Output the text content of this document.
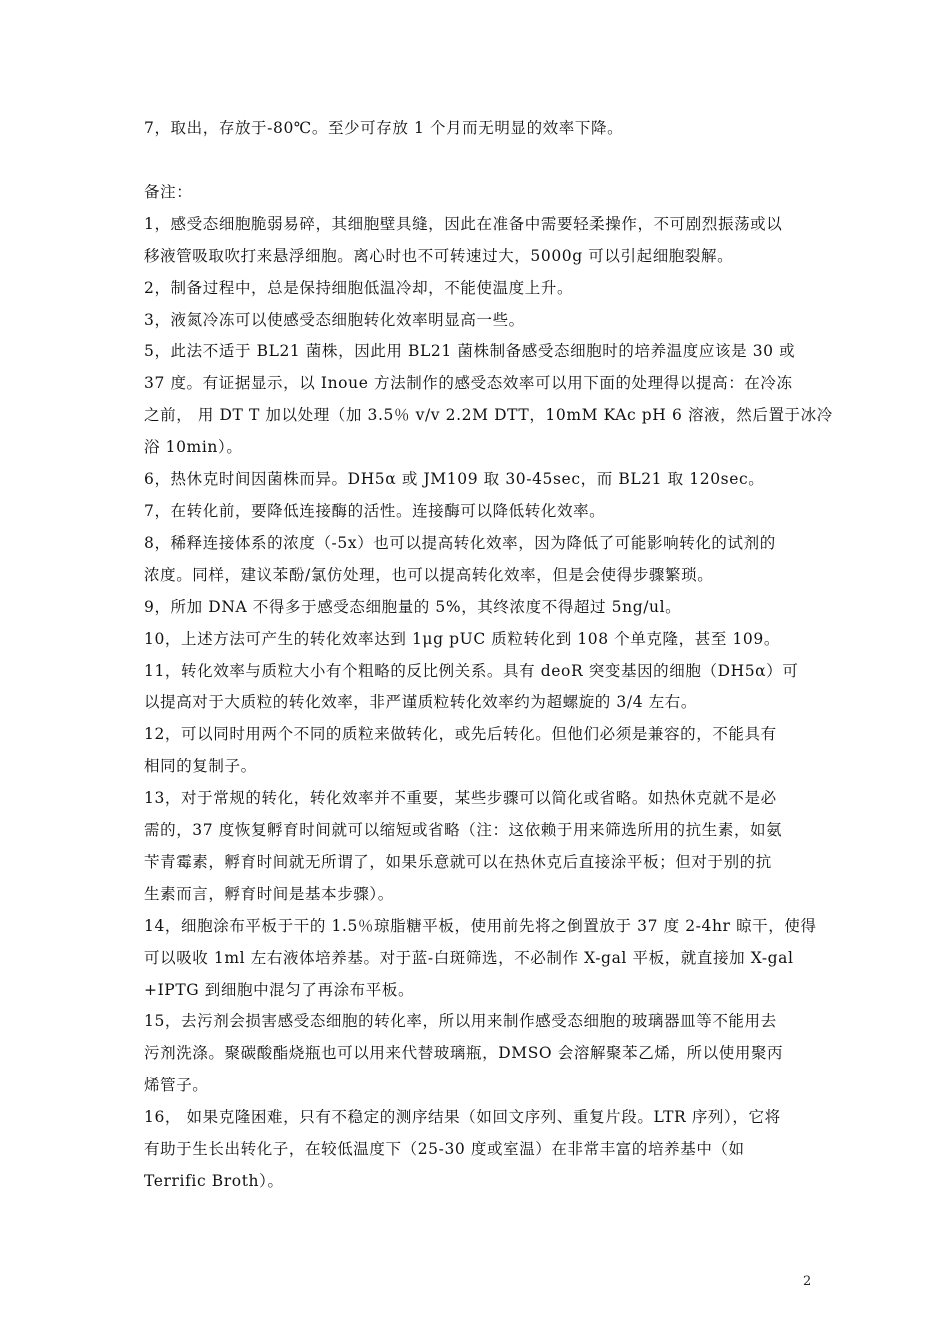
7，取出，存放于-80℃。至少可存放 1 个月而无明显的效率下降。

备注：

1，感受态细胞脆弱易碎，其细胞壁具缝，因此在准备中需要轻柔操作，不可剧烈振荡或以

移液管吸取吹打来悬浮细胞。离心时也不可转速过大，5000g 可以引起细胞裂解。

2，制备过程中，总是保持细胞低温冷却，不能使温度上升。

3，液氮冷冻可以使感受态细胞转化效率明显高一些。

5，此法不适于 BL21 菌株，因此用 BL21 菌株制备感受态细胞时的培养温度应该是 30 或

37 度。有证据显示，以 Inoue 方法制作的感受态效率可以用下面的处理得以提高：在冷冻

之前， 用 DT T 加以处理（加 3.5％ v/v 2.2M DTT，10mM KAc pH 6 溶液，然后置于冰冷

浴 10min）。

6，热休克时间因菌株而异。DH5α 或 JM109 取 30-45sec，而 BL21 取 120sec。

7，在转化前，要降低连接酶的活性。连接酶可以降低转化效率。

8，稀释连接体系的浓度（-5x）也可以提高转化效率，因为降低了可能影响转化的试剂的

浓度。同样，建议苯酚/氯仿处理，也可以提高转化效率，但是会使得步骤繁琐。

9，所加 DNA 不得多于感受态细胞量的 5%，其终浓度不得超过 5ng/ul。

10，上述方法可产生的转化效率达到 1μg pUC 质粒转化到 108 个单克隆，甚至 109。

11，转化效率与质粒大小有个粗略的反比例关系。具有 deoR 突变基因的细胞（DH5α）可

以提高对于大质粒的转化效率，非严谨质粒转化效率约为超螺旋的 3/4 左右。

12，可以同时用两个不同的质粒来做转化，或先后转化。但他们必须是兼容的，不能具有

相同的复制子。

13，对于常规的转化，转化效率并不重要，某些步骤可以简化或省略。如热休克就不是必

需的，37 度恢复孵育时间就可以缩短或省略（注：这依赖于用来筛选所用的抗生素，如氨

苄青霉素，孵育时间就无所谓了，如果乐意就可以在热休克后直接涂平板；但对于别的抗

生素而言，孵育时间是基本步骤）。

14，细胞涂布平板于干的 1.5％琼脂糖平板，使用前先将之倒置放于 37 度 2-4hr 晾干，使得

可以吸收 1ml 左右液体培养基。对于蓝-白斑筛选，不必制作 X-gal 平板，就直接加 X-gal

+IPTG 到细胞中混匀了再涂布平板。

15，去污剂会损害感受态细胞的转化率，所以用来制作感受态细胞的玻璃器皿等不能用去

污剂洗涤。聚碳酸酯烧瓶也可以用来代替玻璃瓶，DMSO 会溶解聚苯乙烯，所以使用聚丙

烯管子。

16， 如果克隆困难，只有不稳定的测序结果（如回文序列、重复片段。LTR 序列），它将

有助于生长出转化子，在较低温度下（25-30 度或室温）在非常丰富的培养基中（如

Terrific Broth）。

2
